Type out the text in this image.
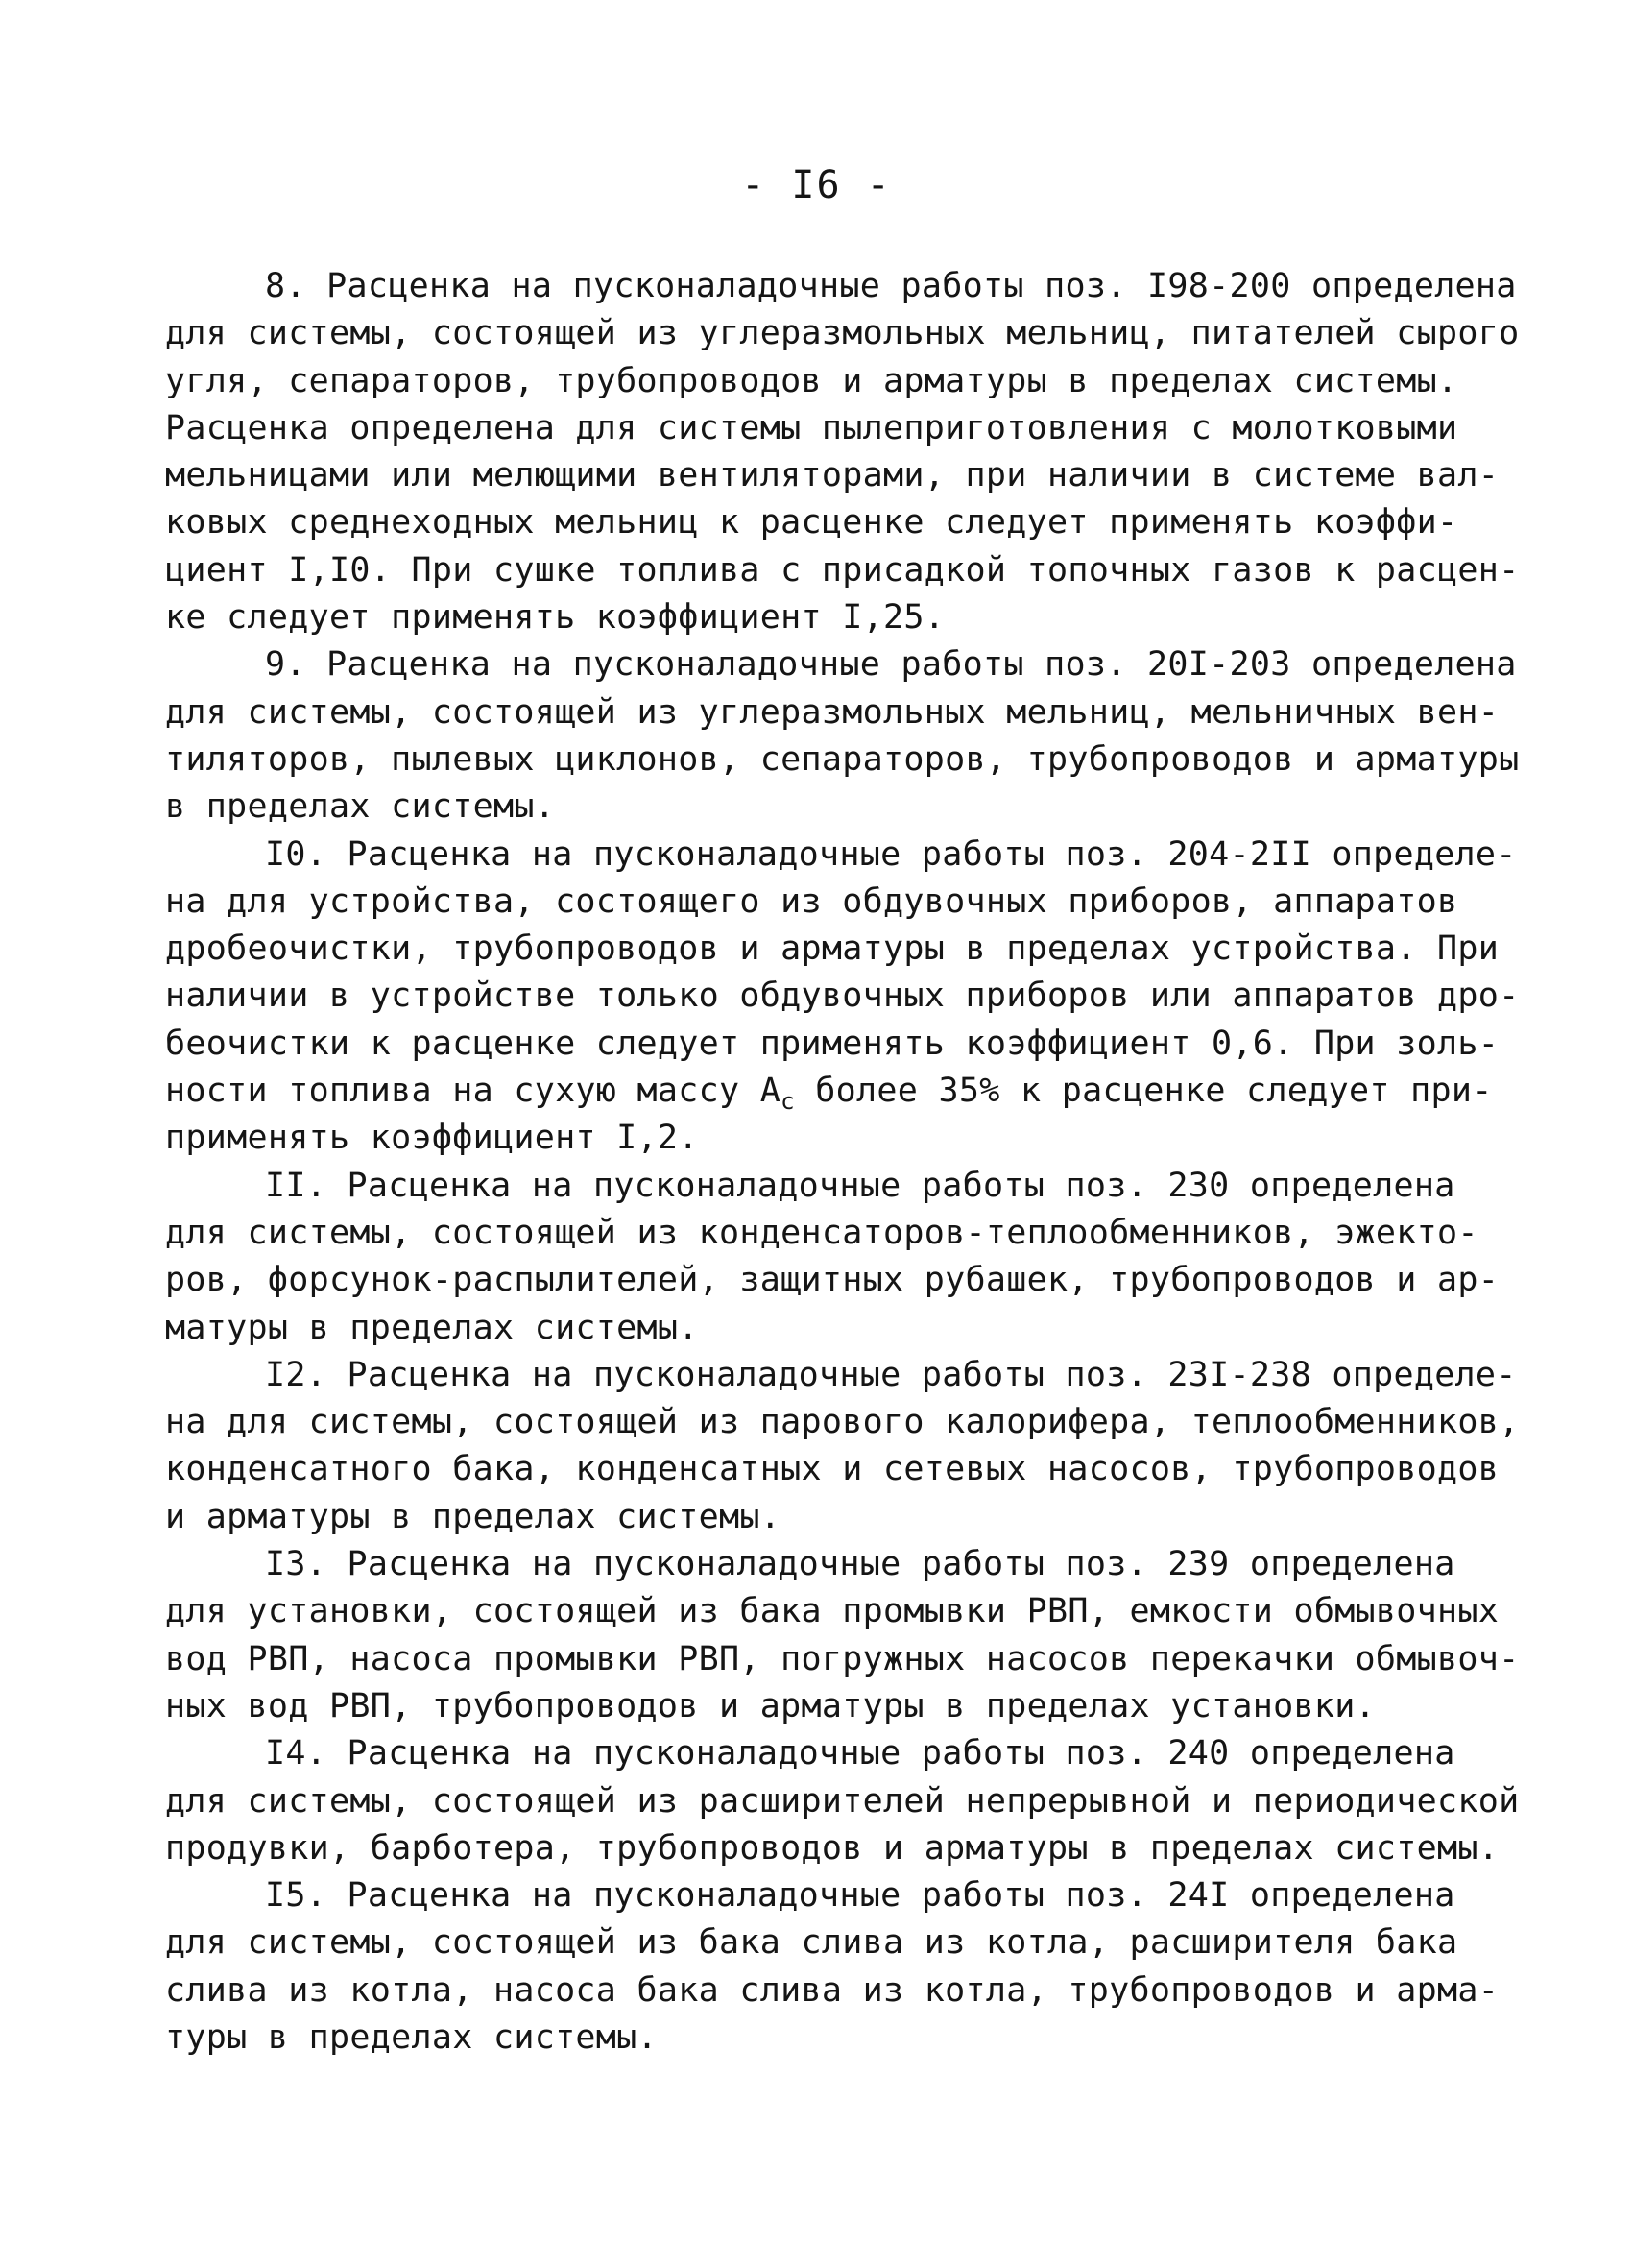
- I6 -
8. Расценка на пусконаладочные работы поз. I98-200 определена
для системы, состоящей из углеразмольных мельниц, питателей сырого
угля, сепараторов, трубопроводов и арматуры в пределах системы.
Расценка определена для системы пылеприготовления с молотковыми
мельницами или мелющими вентиляторами, при наличии в системе вал-
ковых среднеходных мельниц к расценке следует применять коэффи-
циент I,I0. При сушке топлива с присадкой топочных газов к расцен-
ке следует применять коэффициент I,25.
9. Расценка на пусконаладочные работы поз. 20I-203 определена
для системы, состоящей из углеразмольных мельниц, мельничных вен-
тиляторов, пылевых циклонов, сепараторов, трубопроводов и арматуры
в пределах системы.
I0. Расценка на пусконаладочные работы поз. 204-2II определе-
на для устройства, состоящего из обдувочных приборов, аппаратов
дробеочистки, трубопроводов и арматуры в пределах устройства. При
наличии в устройстве только обдувочных приборов или аппаратов дро-
беочистки к расценке следует применять коэффициент 0,6. При золь-
ности топлива на сухую массу $А_с$ более 35% к расценке следует при-
применять коэффициент I,2.
II. Расценка на пусконаладочные работы поз. 230 определена
для системы, состоящей из конденсаторов-теплообменников, эжекто-
ров, форсунок-распылителей, защитных рубашек, трубопроводов и ар-
матуры в пределах системы.
I2. Расценка на пусконаладочные работы поз. 23I-238 определе-
на для системы, состоящей из парового калорифера, теплообменников,
конденсатного бака, конденсатных и сетевых насосов, трубопроводов
и арматуры в пределах системы.
I3. Расценка на пусконаладочные работы поз. 239 определена
для установки, состоящей из бака промывки РВП, емкости обмывочных
вод РВП, насоса промывки РВП, погружных насосов перекачки обмывоч-
ных вод РВП, трубопроводов и арматуры в пределах установки.
I4. Расценка на пусконаладочные работы поз. 240 определена
для системы, состоящей из расширителей непрерывной и периодической
продувки, барботера, трубопроводов и арматуры в пределах системы.
I5. Расценка на пусконаладочные работы поз. 24I определена
для системы, состоящей из бака слива из котла, расширителя бака
слива из котла, насоса бака слива из котла, трубопроводов и арма-
туры в пределах системы.
